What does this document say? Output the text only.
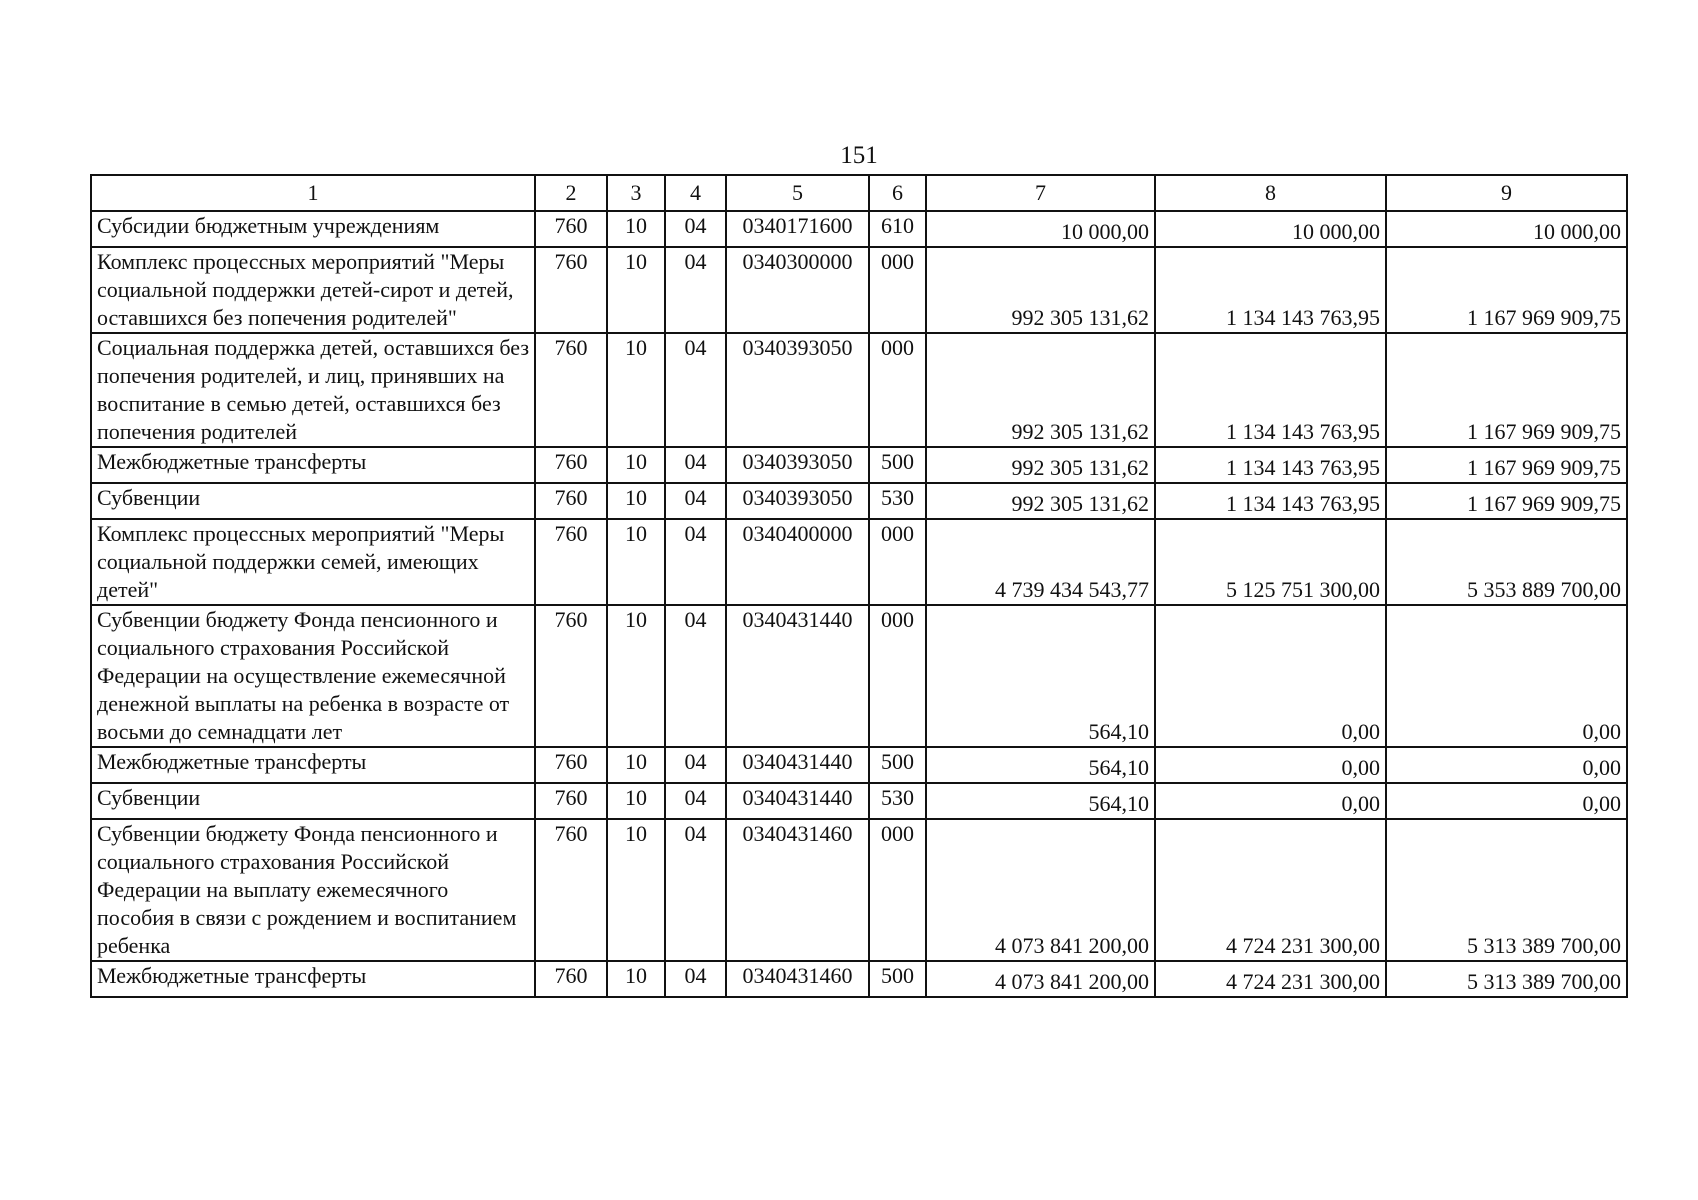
151
1	2	3	4	5	6	7	8	9
Субсидии бюджетным учреждениям	760	10	04	0340171600	610	10 000,00	10 000,00	10 000,00
Комплекс процессных мероприятий "Меры социальной поддержки детей-сирот и детей, оставшихся без попечения родителей"	760	10	04	0340300000	000	992 305 131,62	1 134 143 763,95	1 167 969 909,75
Социальная поддержка детей, оставшихся без попечения родителей, и лиц, принявших на воспитание в семью детей, оставшихся без попечения родителей	760	10	04	0340393050	000	992 305 131,62	1 134 143 763,95	1 167 969 909,75
Межбюджетные трансферты	760	10	04	0340393050	500	992 305 131,62	1 134 143 763,95	1 167 969 909,75
Субвенции	760	10	04	0340393050	530	992 305 131,62	1 134 143 763,95	1 167 969 909,75
Комплекс процессных мероприятий "Меры социальной поддержки семей, имеющих детей"	760	10	04	0340400000	000	4 739 434 543,77	5 125 751 300,00	5 353 889 700,00
Субвенции бюджету Фонда пенсионного и социального страхования Российской Федерации на осуществление ежемесячной денежной выплаты на ребенка в возрасте от восьми до семнадцати лет	760	10	04	0340431440	000	564,10	0,00	0,00
Межбюджетные трансферты	760	10	04	0340431440	500	564,10	0,00	0,00
Субвенции	760	10	04	0340431440	530	564,10	0,00	0,00
Субвенции бюджету Фонда пенсионного и социального страхования Российской Федерации на выплату ежемесячного пособия в связи с рождением и воспитанием ребенка	760	10	04	0340431460	000	4 073 841 200,00	4 724 231 300,00	5 313 389 700,00
Межбюджетные трансферты	760	10	04	0340431460	500	4 073 841 200,00	4 724 231 300,00	5 313 389 700,00
